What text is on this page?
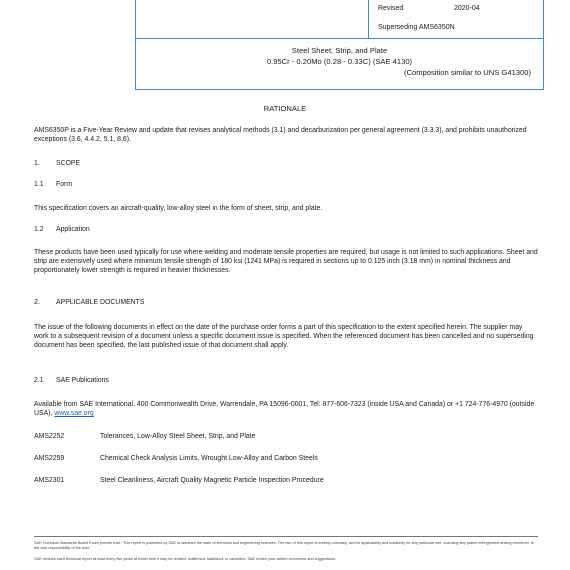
Revised	2020-04
Superseding AMS6350N
Steel Sheet, Strip, and Plate
0.95Cr - 0.20Mo (0.28 - 0.33C) (SAE 4130)
(Composition similar to UNS G41300)
RATIONALE
AMS6350P is a Five-Year Review and update that revises analytical methods (3.1) and decarburization per general agreement (3.3.3), and prohibits unauthorized exceptions (3.6, 4.4.2, 5.1, 8.6).
1. SCOPE
1.1 Form
This specification covers an aircraft-quality, low-alloy steel in the form of sheet, strip, and plate.
1.2 Application
These products have been used typically for use where welding and moderate tensile properties are required, but usage is not limited to such applications. Sheet and strip are extensively used where minimum tensile strength of 180 ksi (1241 MPa) is required in sections up to 0.125 inch (3.18 mm) in nominal thickness and proportionately lower strength is required in heavier thicknesses.
2. APPLICABLE DOCUMENTS
The issue of the following documents in effect on the date of the purchase order forms a part of this specification to the extent specified herein. The supplier may work to a subsequent revision of a document unless a specific document issue is specified. When the referenced document has been cancelled and no superseding document has been specified, the last published issue of that document shall apply.
2.1 SAE Publications
Available from SAE International, 400 Commonwealth Drive, Warrendale, PA 15096-0001, Tel: 877-606-7323 (inside USA and Canada) or +1 724-776-4970 (outside USA), www.sae.org
AMS2252	Tolerances, Low-Alloy Steel Sheet, Strip, and Plate
AMS2259	Chemical Check Analysis Limits, Wrought Low-Alloy and Carbon Steels
AMS2301	Steel Cleanliness, Aircraft Quality Magnetic Particle Inspection Procedure
SAE Technical Standards Board Rules provide that: "This report is published by SAE to advance the state of technical and engineering sciences. The use of this report is entirely voluntary, and its applicability and suitability for any particular use, including any patent infringement arising therefrom, is the sole responsibility of the user."
SAE reviews each technical report at least every five years at which time it may be revised, reaffirmed, stabilized, or cancelled. SAE invites your written comments and suggestions.
